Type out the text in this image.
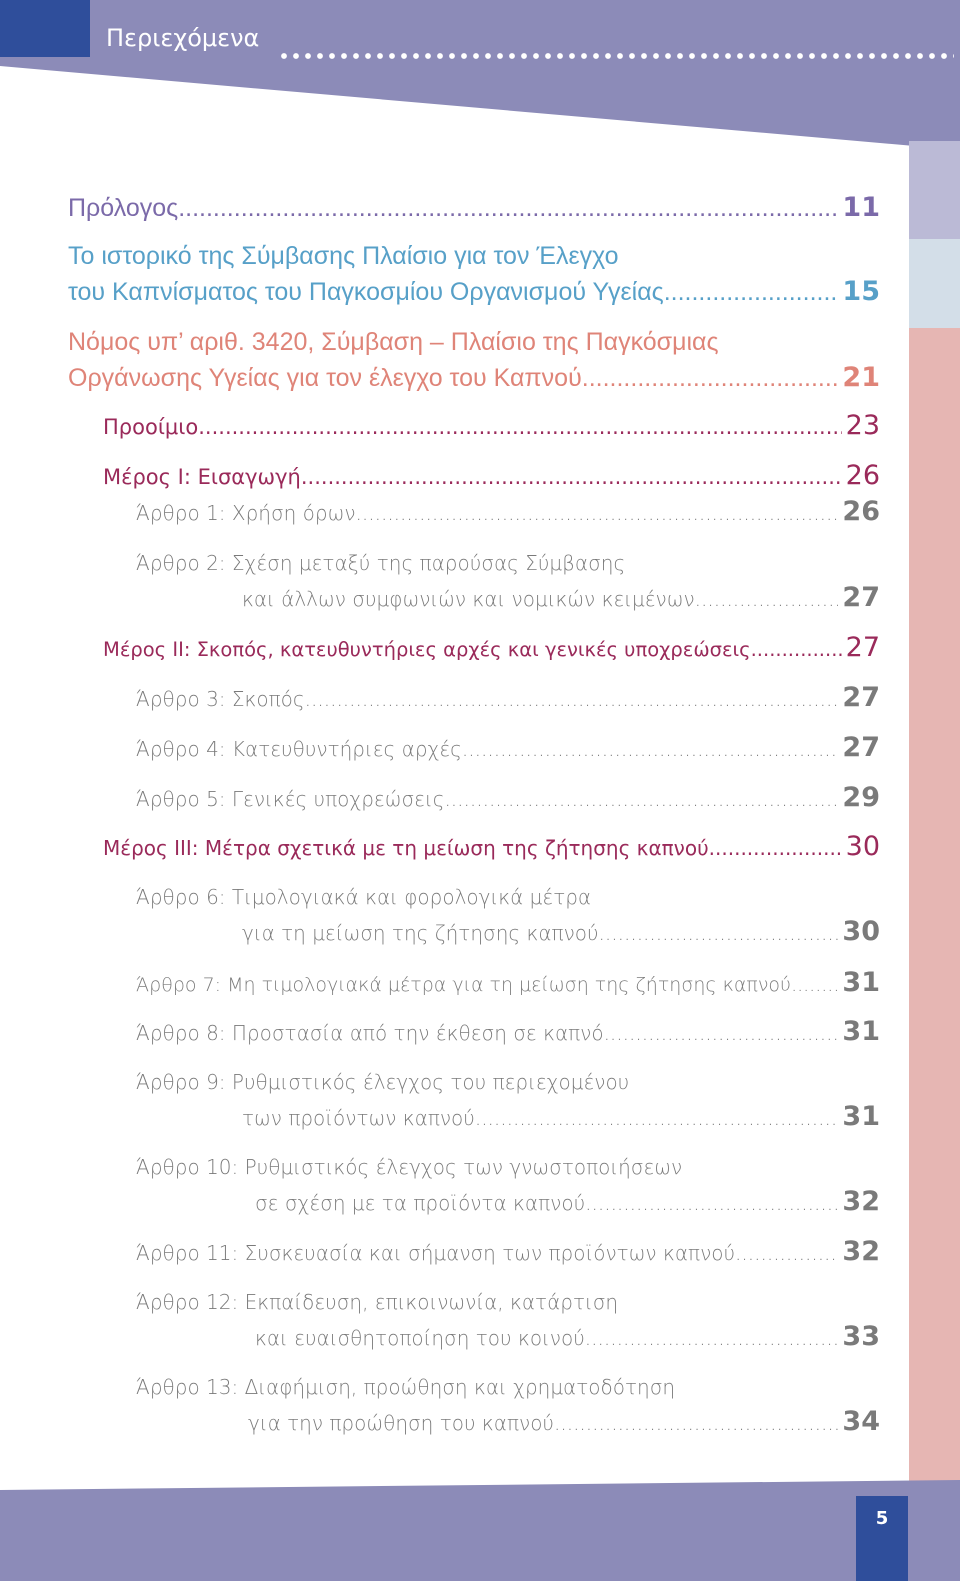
Περιεχόμενα
5
Πρόλογος .....	11
Το ιστορικό της Σύμβασης Πλαίσιο για τον Έλεγχο
του Καπνίσματος του Παγκοσμίου Οργανισμού Υγείας .....	15
Νόμος υπ’ αριθ. 3420, Σύμβαση – Πλαίσιο της Παγκόσμιας
Οργάνωσης Υγείας για τον έλεγχο του Καπνού .....	21
Προοίμιο .....	23
Μέρος I: Εισαγωγή .....	26
Άρθρο 1: Χρήση όρων .....	26
Άρθρο 2: Σχέση μεταξύ της παρούσας Σύμβασης
και άλλων συμφωνιών και νομικών κειμένων .....	27
Μέρος II: Σκοπός, κατευθυντήριες αρχές και γενικές υποχρεώσεις .....	27
Άρθρο 3: Σκοπός .....	27
Άρθρο 4: Κατευθυντήριες αρχές .....	27
Άρθρο 5: Γενικές υποχρεώσεις .....	29
Μέρος III: Μέτρα σχετικά με τη μείωση της ζήτησης καπνού .....	30
Άρθρο 6: Τιμολογιακά και φορολογικά μέτρα
για τη μείωση της ζήτησης καπνού .....	30
Άρθρο 7: Μη τιμολογιακά μέτρα για τη μείωση της ζήτησης καπνού ..... 31
Άρθρο 8: Προστασία από την έκθεση σε καπνό .....	31
Άρθρο 9: Ρυθμιστικός έλεγχος του περιεχομένου
των προϊόντων καπνού .....	31
Άρθρο 10: Ρυθμιστικός έλεγχος των γνωστοποιήσεων
σε σχέση με τα προϊόντα καπνού .....	32
Άρθρο 11: Συσκευασία και σήμανση των προϊόντων καπνού .....	32
Άρθρο 12: Εκπαίδευση, επικοινωνία, κατάρτιση
και ευαισθητοποίηση του κοινού .....	33
Άρθρο 13: Διαφήμιση, προώθηση και χρηματοδότηση
για την προώθηση του καπνού .....	34
